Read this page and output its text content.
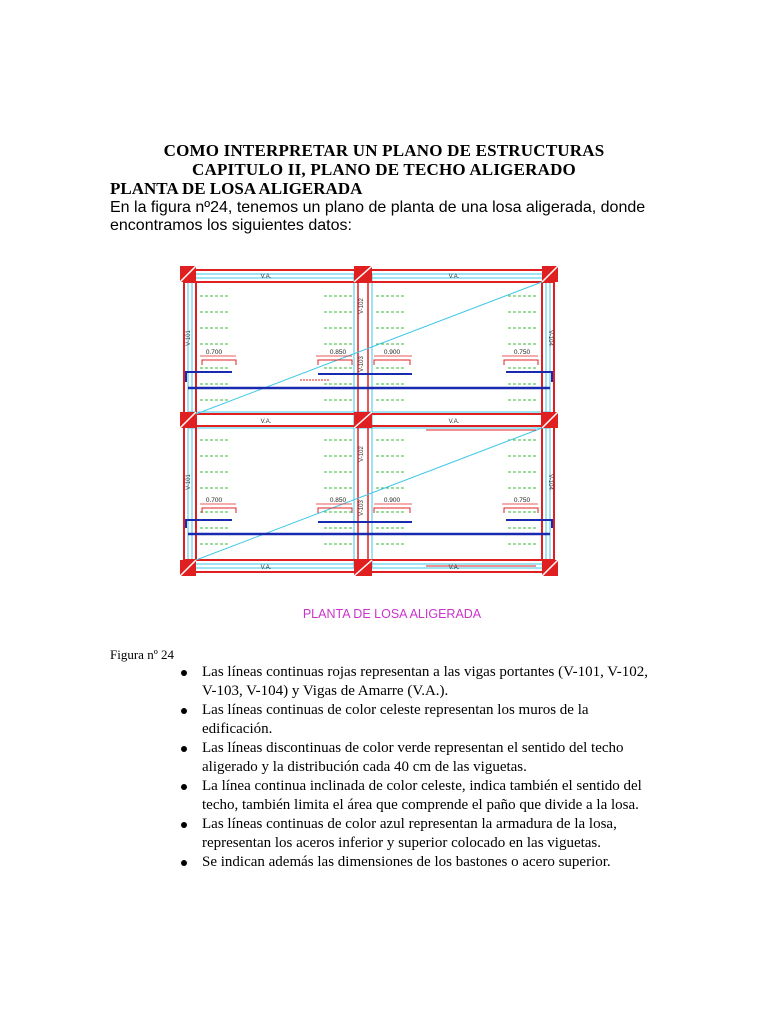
COMO INTERPRETAR UN PLANO DE ESTRUCTURAS
CAPITULO II, PLANO DE TECHO ALIGERADO
PLANTA DE LOSA ALIGERADA

En la figura nº24, tenemos un plano de planta de una losa aligerada, donde encontramos los siguientes datos:

V.A.	V.A.
V.A.	V.A.
V.A.	V.A.
V-101
V-101
V-102
V-103
V-102
V-103
V-104
V-104
0.700	0.850	0.900	0.750
0.700	0.850	0.900	0.750
PLANTA DE LOSA ALIGERADA
Figura nº 24
Las líneas continuas rojas representan a las vigas portantes (V-101, V-102, V-103, V-104) y Vigas de Amarre (V.A.).
Las líneas continuas de color celeste representan los muros de la edificación.
Las líneas discontinuas de color verde representan el sentido del techo aligerado y la distribución cada 40 cm de las viguetas.
La línea continua inclinada de color celeste, indica también el sentido del techo, también limita el área que comprende el paño que divide a la losa.
Las líneas continuas de color azul representan la armadura de la losa, representan los aceros inferior y superior colocado en las viguetas.
Se indican además las dimensiones de los bastones o acero superior.
